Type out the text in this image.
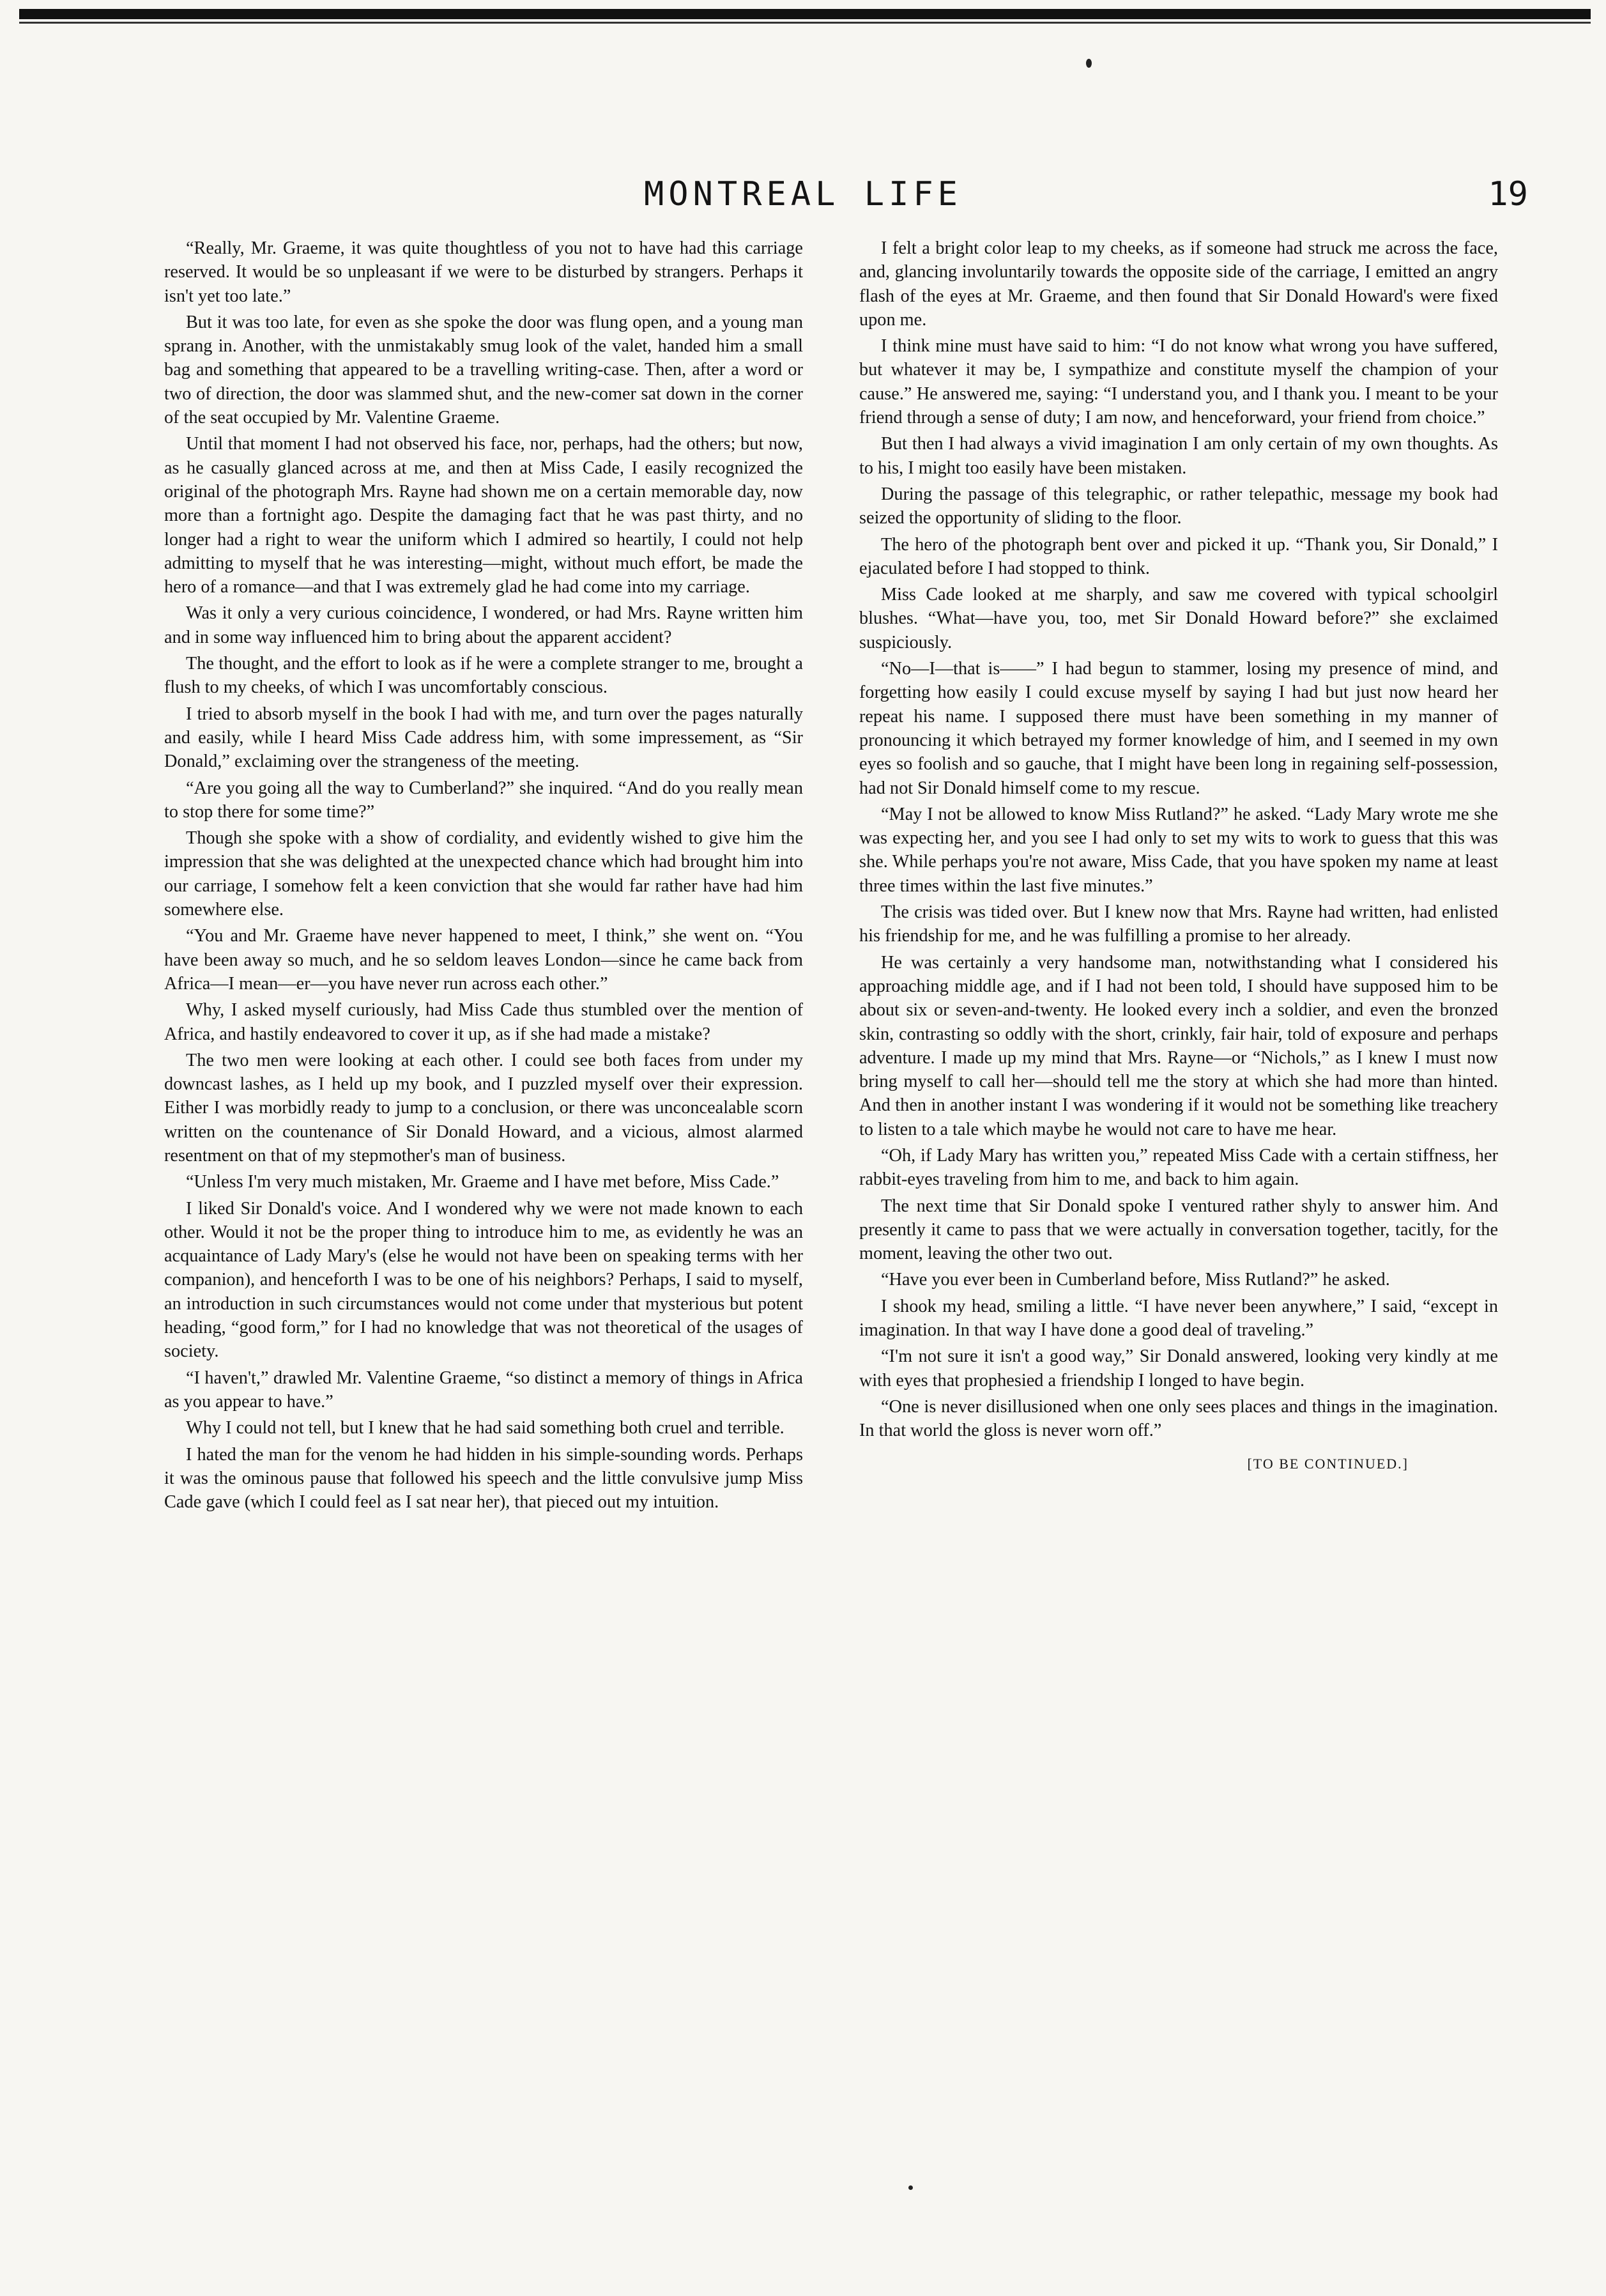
MONTREAL LIFE	19

“Really, Mr. Graeme, it was quite thoughtless of you not to have had this carriage reserved. It would be so unpleasant if we were to be disturbed by strangers. Perhaps it isn't yet too late.”

But it was too late, for even as she spoke the door was flung open, and a young man sprang in. Another, with the unmistakably smug look of the valet, handed him a small bag and something that appeared to be a travelling writing-case. Then, after a word or two of direction, the door was slammed shut, and the new-comer sat down in the corner of the seat occupied by Mr. Valentine Graeme.

Until that moment I had not observed his face, nor, perhaps, had the others; but now, as he casually glanced across at me, and then at Miss Cade, I easily recognized the original of the photograph Mrs. Rayne had shown me on a certain memorable day, now more than a fortnight ago. Despite the damaging fact that he was past thirty, and no longer had a right to wear the uniform which I admired so heartily, I could not help admitting to myself that he was interesting—might, without much effort, be made the hero of a romance—and that I was extremely glad he had come into my carriage.

Was it only a very curious coincidence, I wondered, or had Mrs. Rayne written him and in some way influenced him to bring about the apparent accident?

The thought, and the effort to look as if he were a complete stranger to me, brought a flush to my cheeks, of which I was uncomfortably conscious.

I tried to absorb myself in the book I had with me, and turn over the pages naturally and easily, while I heard Miss Cade address him, with some impressement, as “Sir Donald,” exclaiming over the strangeness of the meeting.

“Are you going all the way to Cumberland?” she inquired. “And do you really mean to stop there for some time?”

Though she spoke with a show of cordiality, and evidently wished to give him the impression that she was delighted at the unexpected chance which had brought him into our carriage, I somehow felt a keen conviction that she would far rather have had him somewhere else.

“You and Mr. Graeme have never happened to meet, I think,” she went on. “You have been away so much, and he so seldom leaves London—since he came back from Africa—I mean—er—you have never run across each other.”

Why, I asked myself curiously, had Miss Cade thus stumbled over the mention of Africa, and hastily endeavored to cover it up, as if she had made a mistake?

The two men were looking at each other. I could see both faces from under my downcast lashes, as I held up my book, and I puzzled myself over their expression. Either I was morbidly ready to jump to a conclusion, or there was unconcealable scorn written on the countenance of Sir Donald Howard, and a vicious, almost alarmed resentment on that of my stepmother's man of business.

“Unless I'm very much mistaken, Mr. Graeme and I have met before, Miss Cade.”

I liked Sir Donald's voice. And I wondered why we were not made known to each other. Would it not be the proper thing to introduce him to me, as evidently he was an acquaintance of Lady Mary's (else he would not have been on speaking terms with her companion), and henceforth I was to be one of his neighbors? Perhaps, I said to myself, an introduction in such circumstances would not come under that mysterious but potent heading, “good form,” for I had no knowledge that was not theoretical of the usages of society.

“I haven't,” drawled Mr. Valentine Graeme, “so distinct a memory of things in Africa as you appear to have.”

Why I could not tell, but I knew that he had said something both cruel and terrible.

I hated the man for the venom he had hidden in his simple-sounding words. Perhaps it was the ominous pause that followed his speech and the little convulsive jump Miss Cade gave (which I could feel as I sat near her), that pieced out my intuition.

I felt a bright color leap to my cheeks, as if someone had struck me across the face, and, glancing involuntarily towards the opposite side of the carriage, I emitted an angry flash of the eyes at Mr. Graeme, and then found that Sir Donald Howard's were fixed upon me.

I think mine must have said to him: “I do not know what wrong you have suffered, but whatever it may be, I sympathize and constitute myself the champion of your cause.” He answered me, saying: “I understand you, and I thank you. I meant to be your friend through a sense of duty; I am now, and henceforward, your friend from choice.”

But then I had always a vivid imagination I am only certain of my own thoughts. As to his, I might too easily have been mistaken.

During the passage of this telegraphic, or rather telepathic, message my book had seized the opportunity of sliding to the floor.

The hero of the photograph bent over and picked it up. “Thank you, Sir Donald,” I ejaculated before I had stopped to think.

Miss Cade looked at me sharply, and saw me covered with typical schoolgirl blushes. “What—have you, too, met Sir Donald Howard before?” she exclaimed suspiciously.

“No—I—that is——” I had begun to stammer, losing my presence of mind, and forgetting how easily I could excuse myself by saying I had but just now heard her repeat his name. I supposed there must have been something in my manner of pronouncing it which betrayed my former knowledge of him, and I seemed in my own eyes so foolish and so gauche, that I might have been long in regaining self-possession, had not Sir Donald himself come to my rescue.

“May I not be allowed to know Miss Rutland?” he asked. “Lady Mary wrote me she was expecting her, and you see I had only to set my wits to work to guess that this was she. While perhaps you're not aware, Miss Cade, that you have spoken my name at least three times within the last five minutes.”

The crisis was tided over. But I knew now that Mrs. Rayne had written, had enlisted his friendship for me, and he was fulfilling a promise to her already.

He was certainly a very handsome man, notwithstanding what I considered his approaching middle age, and if I had not been told, I should have supposed him to be about six or seven-and-twenty. He looked every inch a soldier, and even the bronzed skin, contrasting so oddly with the short, crinkly, fair hair, told of exposure and perhaps adventure. I made up my mind that Mrs. Rayne—or “Nichols,” as I knew I must now bring myself to call her—should tell me the story at which she had more than hinted. And then in another instant I was wondering if it would not be something like treachery to listen to a tale which maybe he would not care to have me hear.

“Oh, if Lady Mary has written you,” repeated Miss Cade with a certain stiffness, her rabbit-eyes traveling from him to me, and back to him again.

The next time that Sir Donald spoke I ventured rather shyly to answer him. And presently it came to pass that we were actually in conversation together, tacitly, for the moment, leaving the other two out.

“Have you ever been in Cumberland before, Miss Rutland?” he asked.

I shook my head, smiling a little. “I have never been anywhere,” I said, “except in imagination. In that way I have done a good deal of traveling.”

“I'm not sure it isn't a good way,” Sir Donald answered, looking very kindly at me with eyes that prophesied a friendship I longed to have begin.

“One is never disillusioned when one only sees places and things in the imagination. In that world the gloss is never worn off.”

[TO BE CONTINUED.]
